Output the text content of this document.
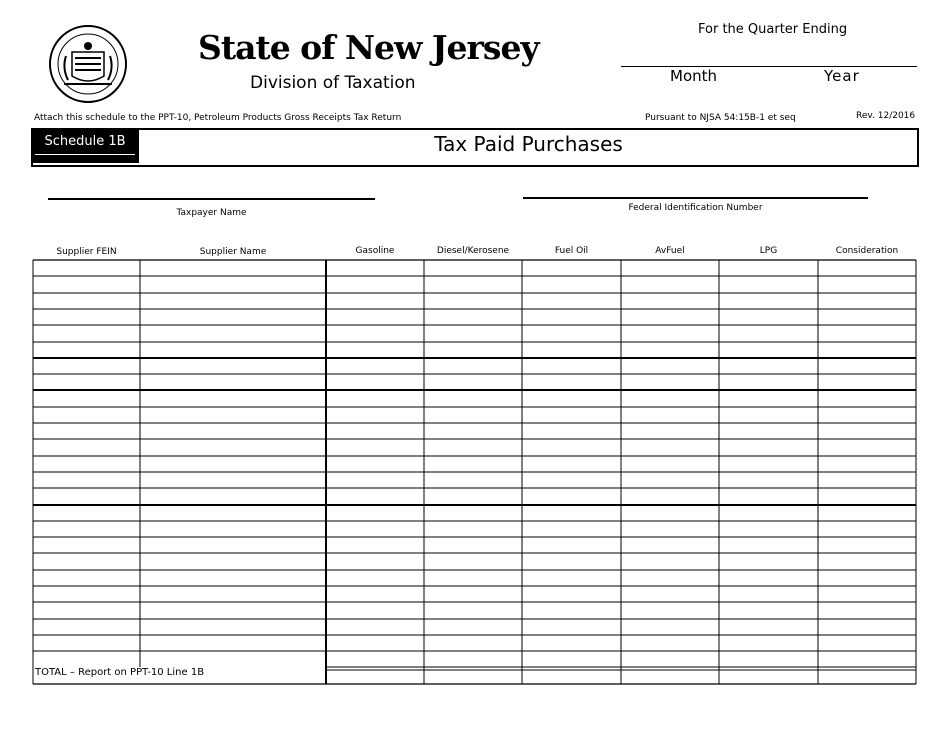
State of New Jersey
Division of Taxation
For the Quarter Ending
Month	Year
Attach this schedule to the PPT-10, Petroleum Products Gross Receipts Tax Return	Pursuant to NJSA 54:15B-1 et seq	Rev. 12/2016
Schedule 1B	Tax Paid Purchases
Taxpayer Name	Federal Identification Number
Supplier FEIN	Supplier Name	Gasoline	Diesel/Kerosene	Fuel Oil	AvFuel	LPG	Consideration
TOTAL – Report on PPT-10 Line 1B
